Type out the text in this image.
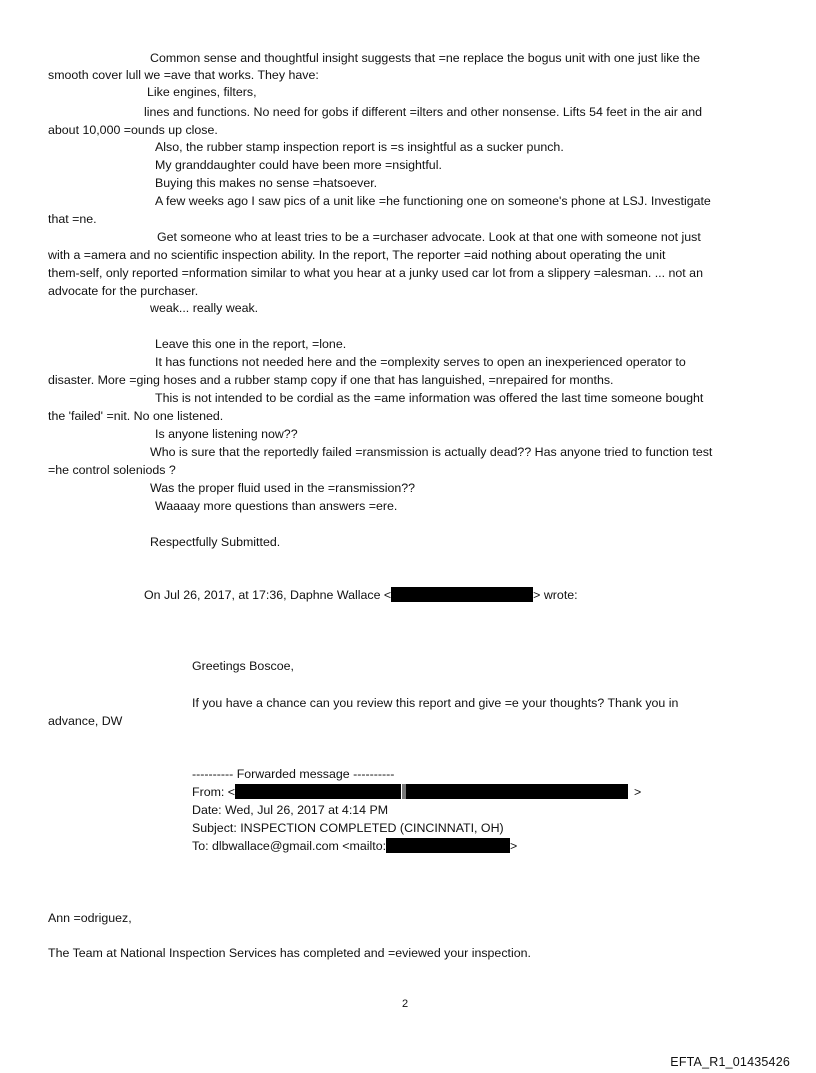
Common sense and thoughtful insight suggests that =ne replace the bogus unit with one just like the
smooth cover lull we =ave that works. They have:
Like engines, filters,
lines and functions. No need for gobs if different =ilters and other nonsense. Lifts 54 feet in the air and
about 10,000 =ounds up close.
Also, the rubber stamp inspection report is =s insightful as a sucker punch.
My granddaughter could have been more =nsightful.
Buying this makes no sense =hatsoever.
A few weeks ago I saw pics of a unit like =he functioning one on someone's phone at LSJ. Investigate
that =ne.
Get someone who at least tries to be a =urchaser advocate. Look at that one with someone not just
with a =amera and no scientific inspection ability. In the report, The reporter =aid nothing about operating the unit
them-self, only reported =nformation similar to what you hear at a junky used car lot from a slippery =alesman. ... not an
advocate for the purchaser.
weak... really weak.
Leave this one in the report, =lone.
It has functions not needed here and the =omplexity serves to open an inexperienced operator to
disaster. More =ging hoses and a rubber stamp copy if one that has languished, =nrepaired for months.
This is not intended to be cordial as the =ame information was offered the last time someone bought
the 'failed' =nit. No one listened.
Is anyone listening now??
Who is sure that the reportedly failed =ransmission is actually dead?? Has anyone tried to function test
=he control soleniods ?
Was the proper fluid used in the =ransmission??
Waaaay more questions than answers =ere.
Respectfully Submitted.
On Jul 26, 2017, at 17:36, Daphne Wallace <	> wrote:
Greetings Boscoe,
If you have a chance can you review this report and give =e your thoughts? Thank you in
advance, DW
---------- Forwarded message ----------
From: <	>
Date: Wed, Jul 26, 2017 at 4:14 PM
Subject: INSPECTION COMPLETED (CINCINNATI, OH)
To: dlbwallace@gmail.com <mailto:	>
Ann =odriguez,
The Team at National Inspection Services has completed and =eviewed your inspection.
2
EFTA_R1_01435426
